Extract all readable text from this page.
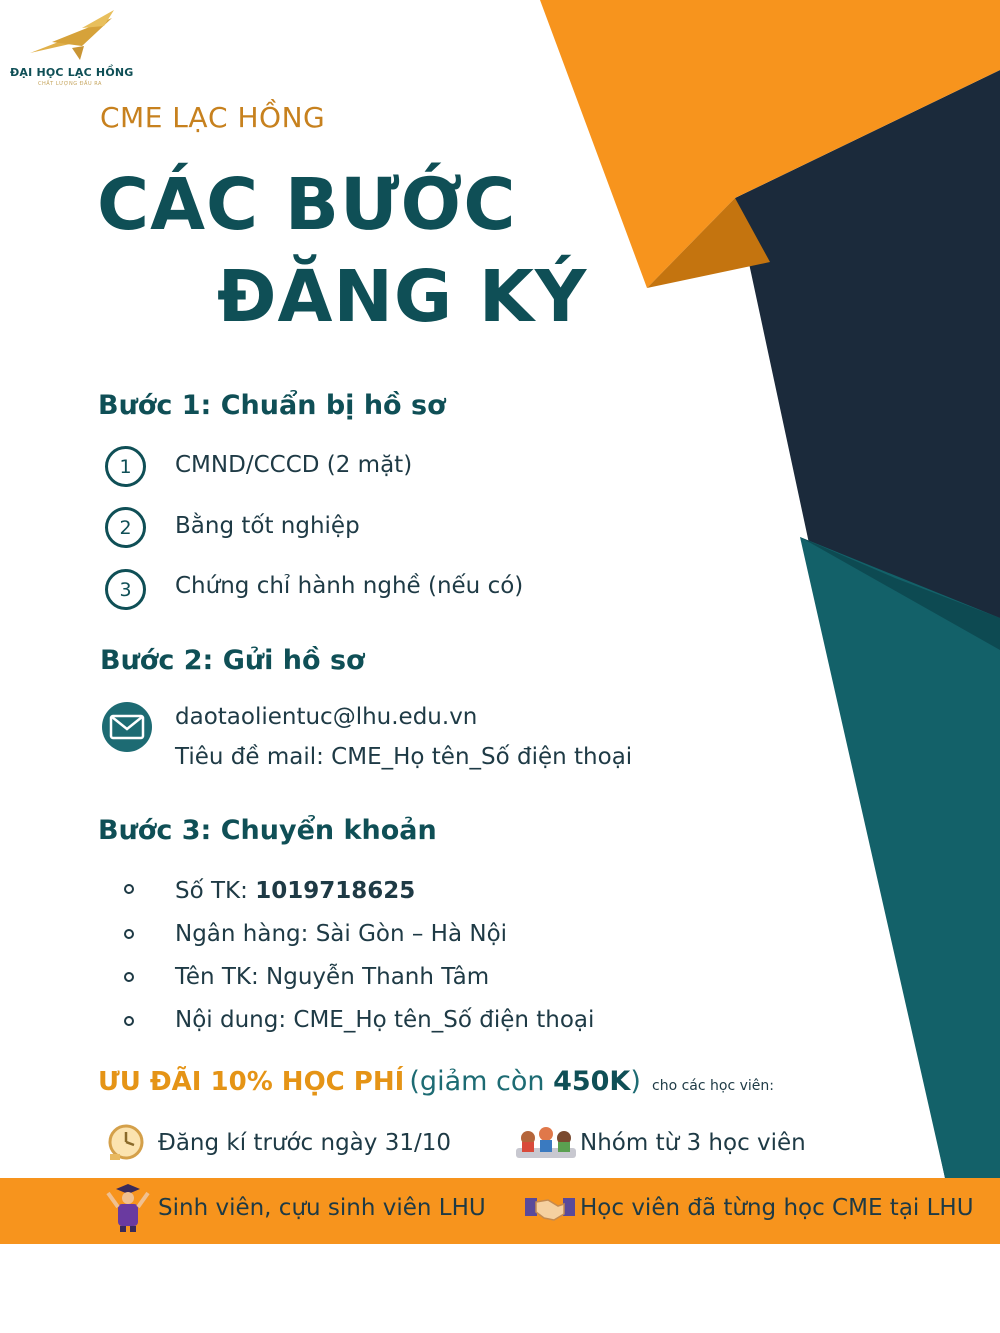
ĐẠI HỌC LẠC HỒNG
CHẤT LƯỢNG ĐẦU RA
CME LẠC HỒNG
CÁC BƯỚC
ĐĂNG KÝ
Bước 1: Chuẩn bị hồ sơ
1	CMND/CCCD (2 mặt)
2	Bằng tốt nghiệp
3	Chứng chỉ hành nghề (nếu có)
Bước 2: Gửi hồ sơ
daotaolientuc@lhu.edu.vn
Tiêu đề mail: CME_Họ tên_Số điện thoại
Bước 3: Chuyển khoản
Số TK: 1019718625
Ngân hàng: Sài Gòn – Hà Nội
Tên TK: Nguyễn Thanh Tâm
Nội dung: CME_Họ tên_Số điện thoại
ƯU ĐÃI 10% HỌC PHÍ (giảm còn 450K) cho các học viên:
Đăng kí trước ngày 31/10	Nhóm từ 3 học viên
Sinh viên, cựu sinh viên LHU	Học viên đã từng học CME tại LHU
